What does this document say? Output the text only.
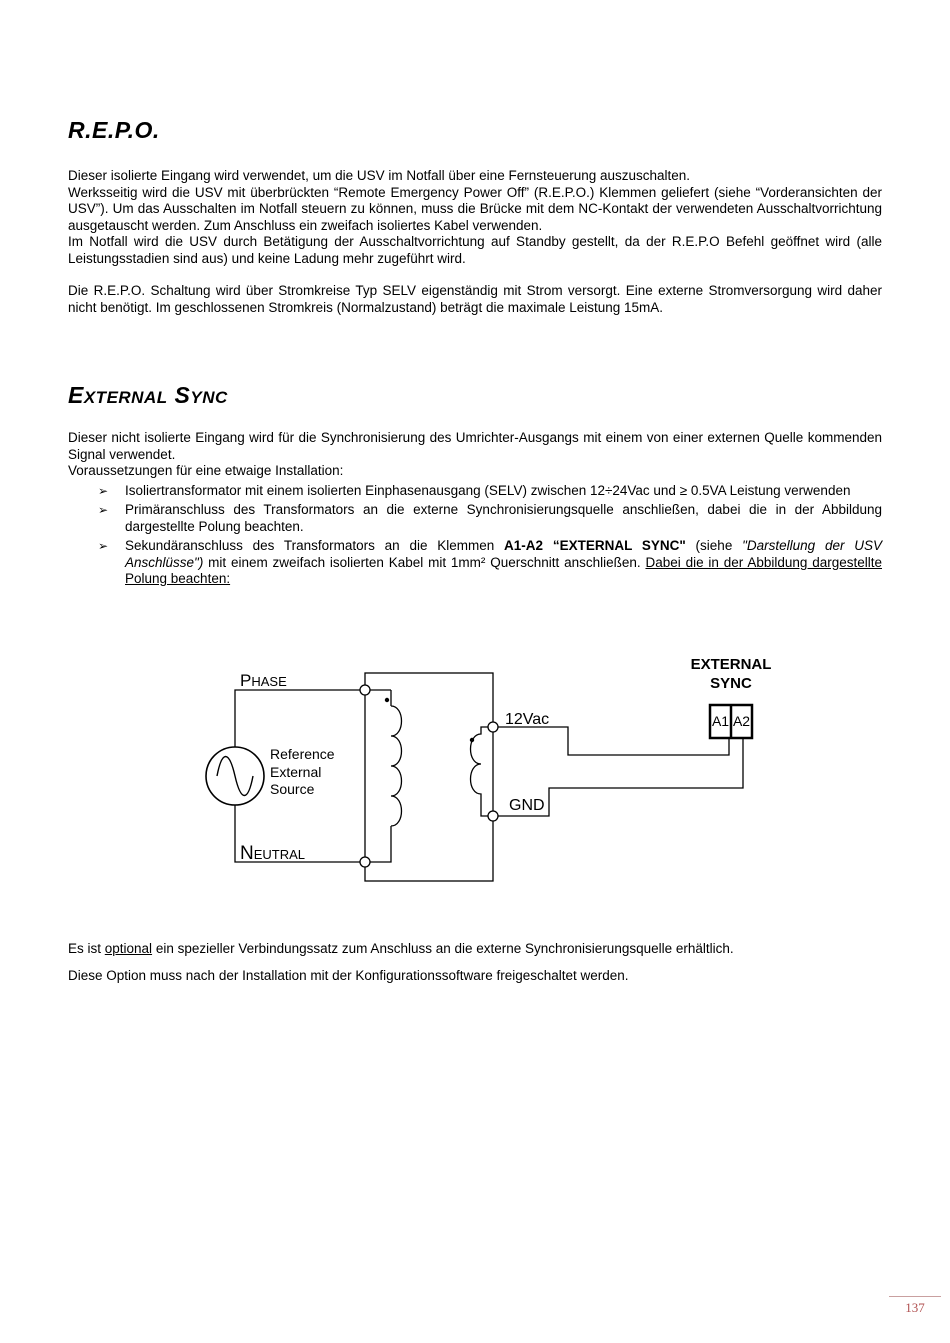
R.E.P.O.

Dieser isolierte Eingang wird verwendet, um die USV im Notfall über eine Fernsteuerung auszuschalten.

Werksseitig wird die USV mit überbrückten “Remote Emergency Power Off” (R.E.P.O.) Klemmen geliefert (siehe “Vorderansichten der USV”). Um das Ausschalten im Notfall steuern zu können, muss die Brücke mit dem NC-Kontakt der verwendeten Ausschaltvorrichtung ausgetauscht werden. Zum Anschluss ein zweifach isoliertes Kabel verwenden.

Im Notfall wird die USV durch Betätigung der Ausschaltvorrichtung auf Standby gestellt, da der R.E.P.O Befehl geöffnet wird (alle Leistungsstadien sind aus) und keine Ladung mehr zugeführt wird.

Die R.E.P.O. Schaltung wird über Stromkreise Typ SELV eigenständig mit Strom versorgt. Eine externe Stromversorgung wird daher nicht benötigt. Im geschlossenen Stromkreis (Normalzustand) beträgt die maximale Leistung 15mA.

EXTERNAL SYNC

Dieser nicht isolierte Eingang wird für die Synchronisierung des Umrichter-Ausgangs mit einem von einer externen Quelle kommenden Signal verwendet.

Voraussetzungen für eine etwaige Installation:

➢ Isoliertransformator mit einem isolierten Einphasenausgang (SELV) zwischen 12÷24Vac und ≥ 0.5VA Leistung verwenden
➢ Primäranschluss des Transformators an die externe Synchronisierungsquelle anschließen, dabei die in der Abbildung dargestellte Polung beachten.
➢ Sekundäranschluss des Transformators an die Klemmen A1-A2 “EXTERNAL SYNC" (siehe "Darstellung der USV Anschlüsse") mit einem zweifach isolierten Kabel mit 1mm² Querschnitt anschließen. Dabei die in der Abbildung dargestellte Polung beachten:
PHASE
NEUTRAL
Reference
External
Source
12Vac
GND
EXTERNAL
SYNC
A1 A2

Es ist optional ein spezieller Verbindungssatz zum Anschluss an die externe Synchronisierungsquelle erhältlich.

Diese Option muss nach der Installation mit der Konfigurationssoftware freigeschaltet werden.

137
